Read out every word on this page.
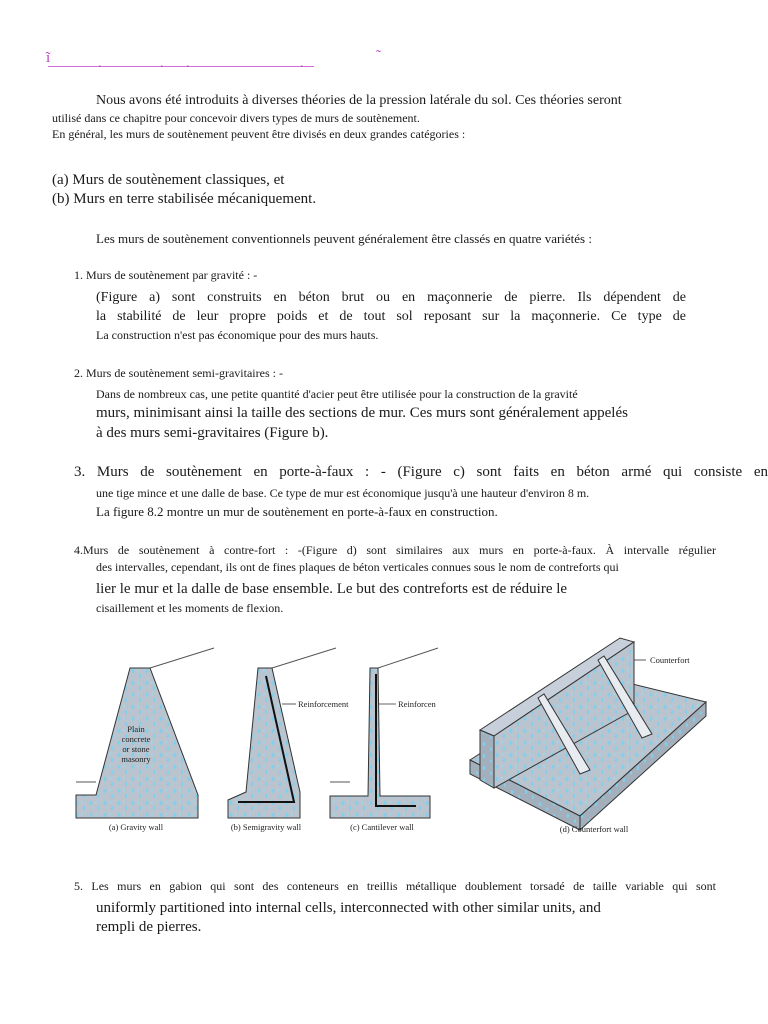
ĩ	˜
.	. .	.
Nous avons été introduits à diverses théories de la pression latérale du sol. Ces théories seront
utilisé dans ce chapitre pour concevoir divers types de murs de soutènement.
En général, les murs de soutènement peuvent être divisés en deux grandes catégories :
(a) Murs de soutènement classiques, et
(b) Murs en terre stabilisée mécaniquement.
Les murs de soutènement conventionnels peuvent généralement être classés en quatre variétés :
1. Murs de soutènement par gravité : -
(Figure a) sont construits en béton brut ou en maçonnerie de pierre. Ils dépendent de
la stabilité de leur propre poids et de tout sol reposant sur la maçonnerie. Ce type de
La construction n'est pas économique pour des murs hauts.
2. Murs de soutènement semi-gravitaires : -
Dans de nombreux cas, une petite quantité d'acier peut être utilisée pour la construction de la gravité
murs, minimisant ainsi la taille des sections de mur. Ces murs sont généralement appelés
à des murs semi-gravitaires (Figure b).
3. Murs de soutènement en porte-à-faux : - (Figure c) sont faits en béton armé qui consiste en
une tige mince et une dalle de base. Ce type de mur est économique jusqu'à une hauteur d'environ 8 m.
La figure 8.2 montre un mur de soutènement en porte-à-faux en construction.
4.Murs de soutènement à contre-fort : -(Figure d) sont similaires aux murs en porte-à-faux. À intervalle régulier
des intervalles, cependant, ils ont de fines plaques de béton verticales connues sous le nom de contreforts qui
lier le mur et la dalle de base ensemble. Le but des contreforts est de réduire le
cisaillement et les moments de flexion.
Plain
concrete
or stone
masonry
Reinforcement	Reinforcen
Counterfort
(a) Gravity wall	(b) Semigravity wall	(c) Cantilever wall	(d) Counterfort wall
5. Les murs en gabion qui sont des conteneurs en treillis métallique doublement torsadé de taille variable qui sont
uniformly partitioned into internal cells, interconnected with other similar units, and
rempli de pierres.
